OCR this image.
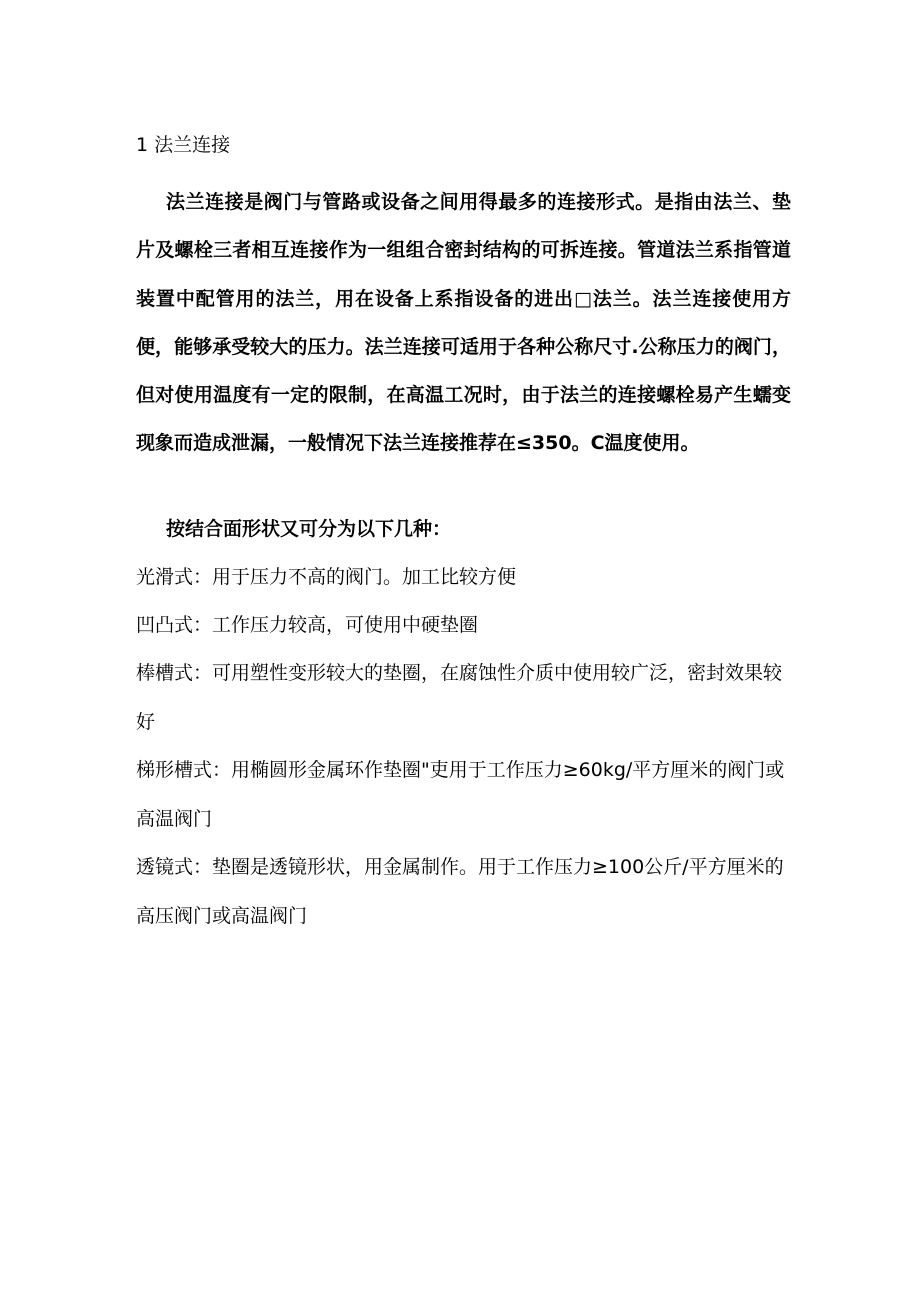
1 法兰连接
法兰连接是阀门与管路或设备之间用得最多的连接形式。是指由法兰、垫片及螺栓三者相互连接作为一组组合密封结构的可拆连接。管道法兰系指管道装置中配管用的法兰，用在设备上系指设备的进出□法兰。法兰连接使用方便，能够承受较大的压力。法兰连接可适用于各种公称尺寸.公称压力的阀门，但对使用温度有一定的限制，在高温工况时，由于法兰的连接螺栓易产生蠕变现象而造成泄漏，一般情况下法兰连接推荐在≤350。C温度使用。
按结合面形状又可分为以下几种：
光滑式：用于压力不高的阀门。加工比较方便
凹凸式：工作压力较高，可使用中硬垫圈
棒槽式：可用塑性变形较大的垫圈，在腐蚀性介质中使用较广泛，密封效果较好
梯形槽式：用椭圆形金属环作垫圈"吏用于工作压力≥60kg∕平方厘米的阀门或高温阀门
透镜式：垫圈是透镜形状，用金属制作。用于工作压力≥100公斤/平方厘米的高压阀门或高温阀门
